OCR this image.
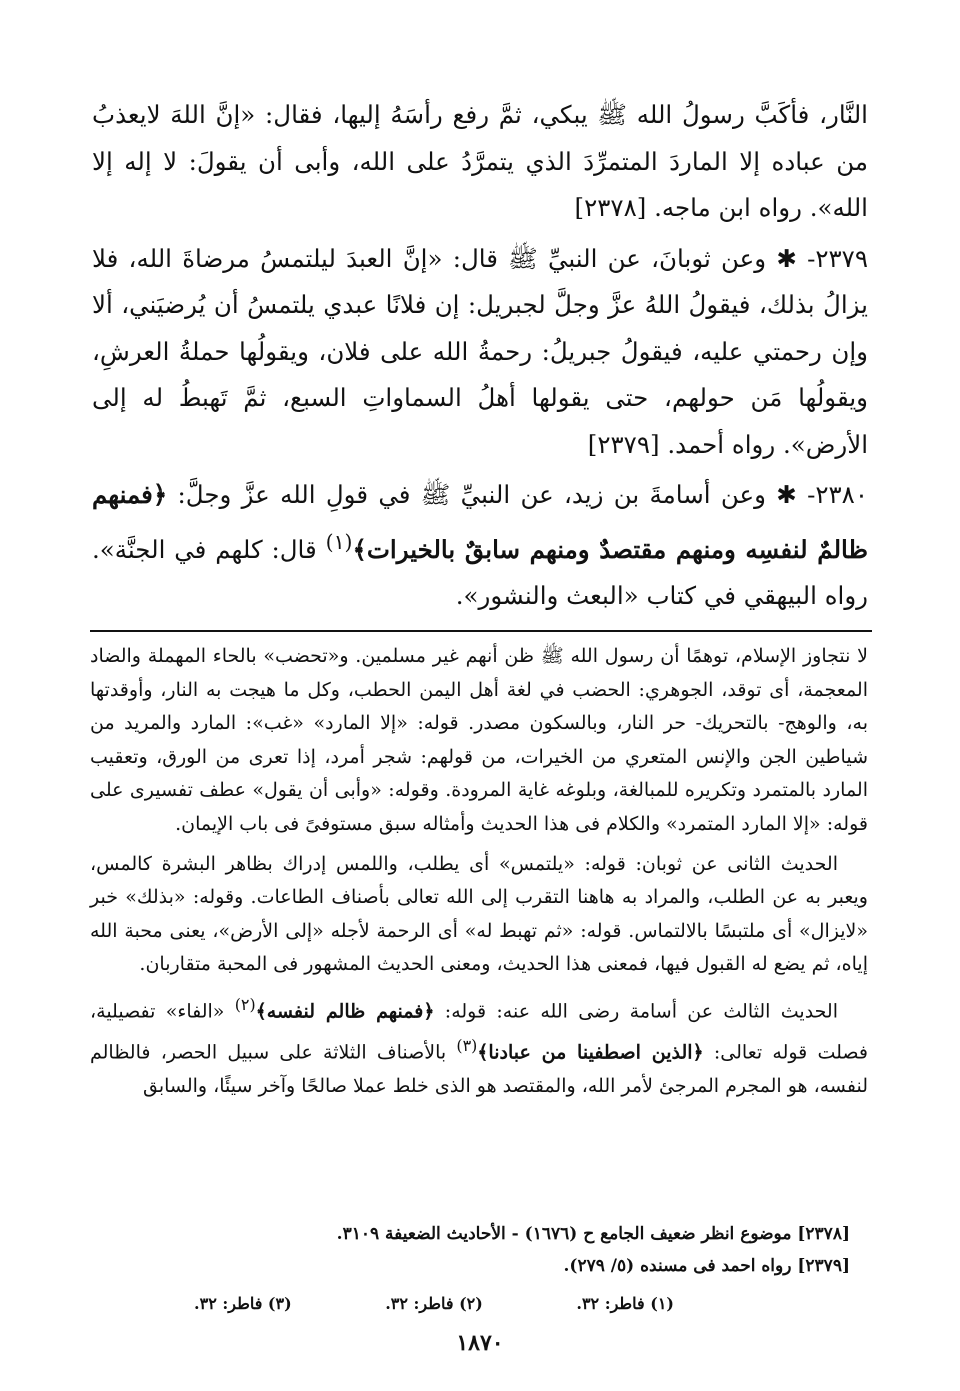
النَّار، فأكَبَّ رسولُ الله ﷺ يبكي، ثمَّ رفع رأسَهُ إليها، فقال: «إنَّ اللهَ لايعذبُ من عباده إلا الماردَ المتمرِّدَ الذي يتمرَّدُ على الله، وأبى أن يقولَ: لا إله إلا الله». رواه ابن ماجه. [٢٣٧٨]

٢٣٧٩- ✱ وعن ثوبانَ، عن النبيِّ ﷺ قال: «إنَّ العبدَ ليلتمسُ مرضاةَ الله، فلا يزالُ بذلك، فيقولُ اللهُ عزَّ وجلَّ لجبريل: إن فلانًا عبدي يلتمسُ أن يُرضيَني، ألا وإن رحمتي عليه، فيقولُ جبريلُ: رحمةُ الله على فلان، ويقولُها حملةُ العرشِ، ويقولُها مَن حولهم، حتى يقولها أهلُ السماواتِ السبع، ثمَّ تَهبطُ له إلى الأرض». رواه أحمد. [٢٣٧٩]

٢٣٨٠- ✱ وعن أسامةَ بن زيد، عن النبيِّ ﷺ في قولِ الله عزَّ وجلَّ: ﴿فمنهم ظالمٌ لنفسِه ومنهم مقتصدٌ ومنهم سابقٌ بالخيرات﴾$^{(١)}$ قال: كلهم في الجنَّة». رواه البيهقي في كتاب «البعث والنشور».

لا نتجاوز الإسلام، توهمًا أن رسول الله ﷺ ظن أنهم غير مسلمين. و«تحضب» بالحاء المهملة والضاد المعجمة، أى توقد، الجوهري: الحضب في لغة أهل اليمن الحطب، وكل ما هيجت به النار، وأوقدتها به، والوهج- بالتحريك- حر النار، وبالسكون مصدر. قوله: «إلا المارد» «غب»: المارد والمريد من شياطين الجن والإنس المتعري من الخيرات، من قولهم: شجر أمرد، إذا تعرى من الورق، وتعقيب المارد بالمتمرد وتكريره للمبالغة، وبلوغه غاية المرودة. وقوله: «وأبى أن يقول» عطف تفسيرى على قوله: «إلا المارد المتمرد» والكلام فى هذا الحديث وأمثاله سبق مستوفىً فى باب الإيمان.

الحديث الثانى عن ثوبان: قوله: «يلتمس» أى يطلب، واللمس إدراك بظاهر البشرة كالمس، ويعبر به عن الطلب، والمراد به هاهنا التقرب إلى الله تعالى بأصناف الطاعات. وقوله: «بذلك» خبر «لايزال» أى ملتبسًا بالالتماس. قوله: «ثم تهبط له» أى الرحمة لأجله «إلى الأرض»، يعنى محبة الله إياه، ثم يضع له القبول فيها، فمعنى هذا الحديث، ومعنى الحديث المشهور فى المحبة متقاربان.

الحديث الثالث عن أسامة رضى الله عنه: قوله: ﴿فمنهم ظالم لنفسه﴾$^{(٢)}$ «الفاء» تفصيلية، فصلت قوله تعالى: ﴿الذين اصطفينا من عبادنا﴾$^{(٣)}$ بالأصناف الثلاثة على سبيل الحصر، فالظالم لنفسه، هو المجرم المرجئ لأمر الله، والمقتصد هو الذى خلط عملا صالحًا وآخر سيئًا، والسابق

[٢٣٧٨] موضوع انظر ضعيف الجامع ح (١٦٧٦) - الأحاديث الضعيفة ٣١٠٩.
[٢٣٧٩] رواه احمد فى مسنده (٥/ ٢٧٩).
(١) فاطر: ٣٢.
(٢) فاطر: ٣٢.
(٣) فاطر: ٣٢.
١٨٧٠
